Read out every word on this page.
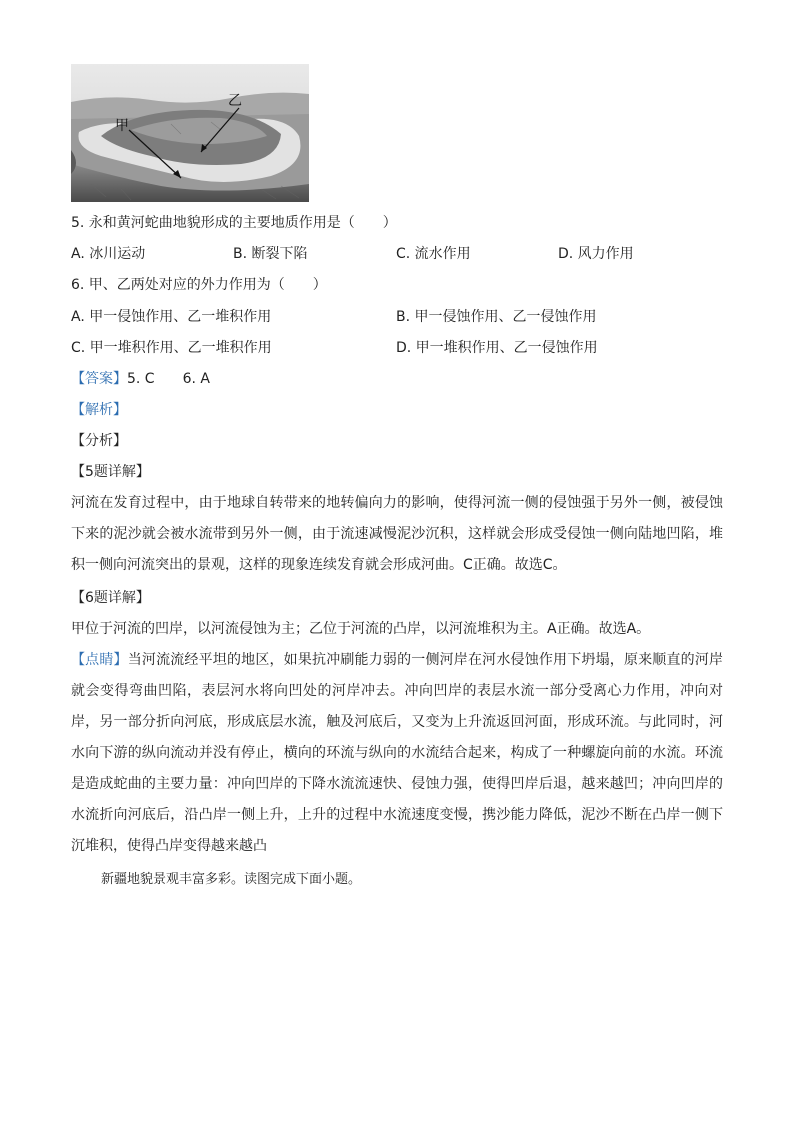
甲
乙
5. 永和黄河蛇曲地貌形成的主要地质作用是（　　）
A. 冰川运动	B. 断裂下陷	C. 流水作用	D. 风力作用
6. 甲、乙两处对应的外力作用为（　　）
A. 甲一侵蚀作用、乙一堆积作用	B. 甲一侵蚀作用、乙一侵蚀作用
C. 甲一堆积作用、乙一堆积作用	D. 甲一堆积作用、乙一侵蚀作用
【答案】5. C　　6. A
【解析】
【分析】
【5题详解】
河流在发育过程中，由于地球自转带来的地转偏向力的影响，使得河流一侧的侵蚀强于另外一侧，被侵蚀下来的泥沙就会被水流带到另外一侧，由于流速减慢泥沙沉积，这样就会形成受侵蚀一侧向陆地凹陷，堆积一侧向河流突出的景观，这样的现象连续发育就会形成河曲。C正确。故选C。
【6题详解】
甲位于河流的凹岸，以河流侵蚀为主；乙位于河流的凸岸，以河流堆积为主。A正确。故选A。
【点睛】当河流流经平坦的地区，如果抗冲刷能力弱的一侧河岸在河水侵蚀作用下坍塌，原来顺直的河岸就会变得弯曲凹陷，表层河水将向凹处的河岸冲去。冲向凹岸的表层水流一部分受离心力作用，冲向对岸，另一部分折向河底，形成底层水流，触及河底后，又变为上升流返回河面，形成环流。与此同时，河水向下游的纵向流动并没有停止，横向的环流与纵向的水流结合起来，构成了一种螺旋向前的水流。环流是造成蛇曲的主要力量：冲向凹岸的下降水流流速快、侵蚀力强，使得凹岸后退，越来越凹；冲向凹岸的水流折向河底后，沿凸岸一侧上升，上升的过程中水流速度变慢，携沙能力降低，泥沙不断在凸岸一侧下沉堆积，使得凸岸变得越来越凸
新疆地貌景观丰富多彩。读图完成下面小题。
